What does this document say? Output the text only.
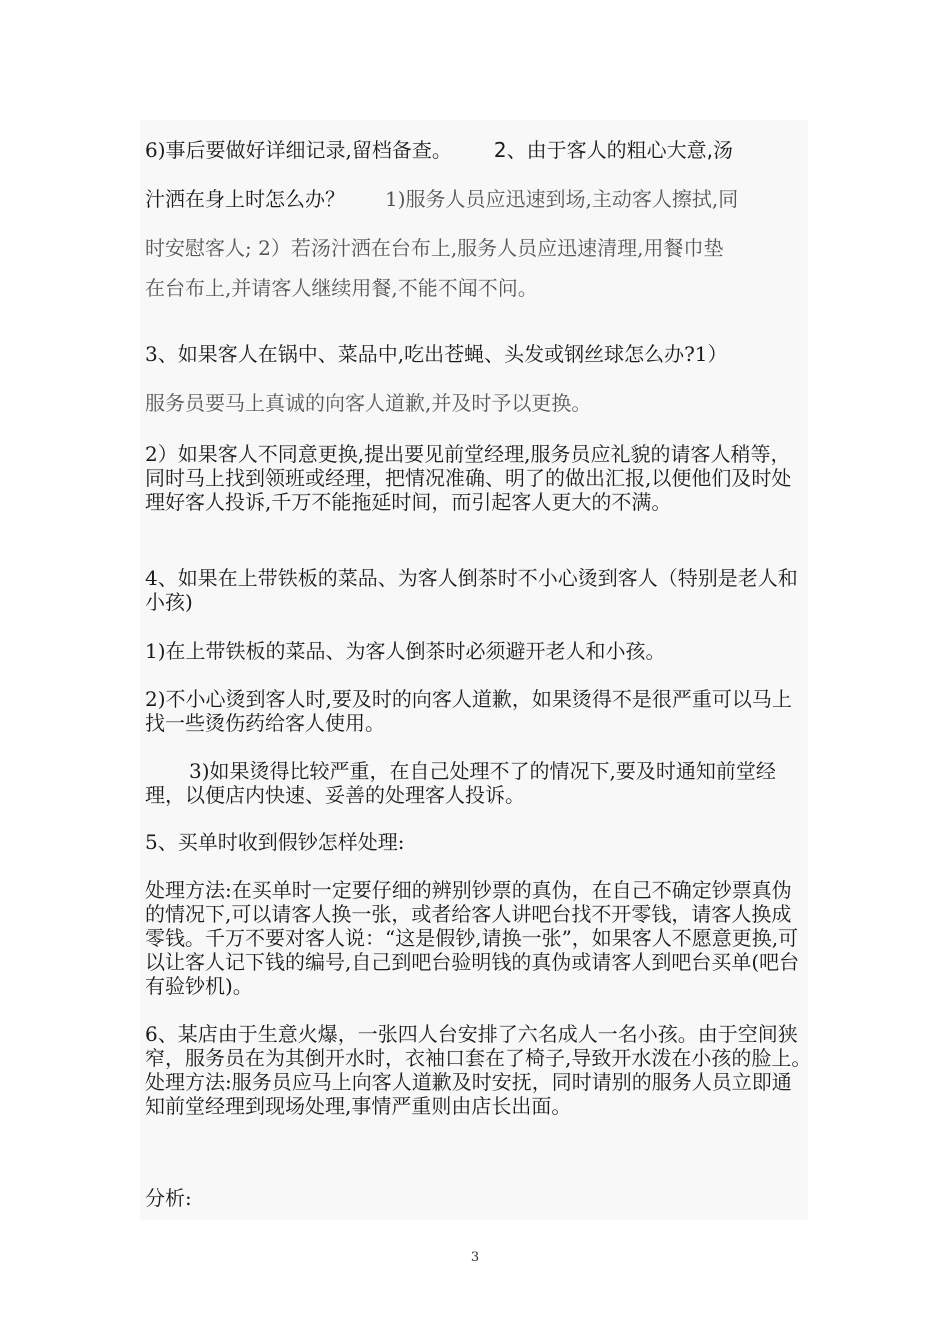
6)事后要做好详细记录,留档备查。 2、由于客人的粗心大意,汤

汁洒在身上时怎么办？ 1)服务人员应迅速到场,主动客人擦拭,同

时安慰客人; 2）若汤汁洒在台布上,服务人员应迅速清理,用餐巾垫

在台布上,并请客人继续用餐,不能不闻不问。

3、如果客人在锅中、菜品中,吃出苍蝇、头发或钢丝球怎么办?1）

服务员要马上真诚的向客人道歉,并及时予以更换。

2）如果客人不同意更换,提出要见前堂经理,服务员应礼貌的请客人稍等，同时马上找到领班或经理，把情况准确、明了的做出汇报,以便他们及时处理好客人投诉,千万不能拖延时间，而引起客人更大的不满。

4、如果在上带铁板的菜品、为客人倒茶时不小心烫到客人（特别是老人和小孩)

1)在上带铁板的菜品、为客人倒茶时必须避开老人和小孩。

2)不小心烫到客人时,要及时的向客人道歉，如果烫得不是很严重可以马上找一些烫伤药给客人使用。

3)如果烫得比较严重，在自己处理不了的情况下,要及时通知前堂经理，以便店内快速、妥善的处理客人投诉。

5、买单时收到假钞怎样处理:

处理方法:在买单时一定要仔细的辨别钞票的真伪，在自己不确定钞票真伪的情况下,可以请客人换一张，或者给客人讲吧台找不开零钱，请客人换成零钱。千万不要对客人说：“这是假钞,请换一张”，如果客人不愿意更换,可以让客人记下钱的编号,自己到吧台验明钱的真伪或请客人到吧台买单(吧台有验钞机)。

6、某店由于生意火爆，一张四人台安排了六名成人一名小孩。由于空间狭窄，服务员在为其倒开水时，衣袖口套在了椅子,导致开水泼在小孩的脸上。　处理方法:服务员应马上向客人道歉及时安抚，同时请别的服务人员立即通知前堂经理到现场处理,事情严重则由店长出面。

分析:

3
